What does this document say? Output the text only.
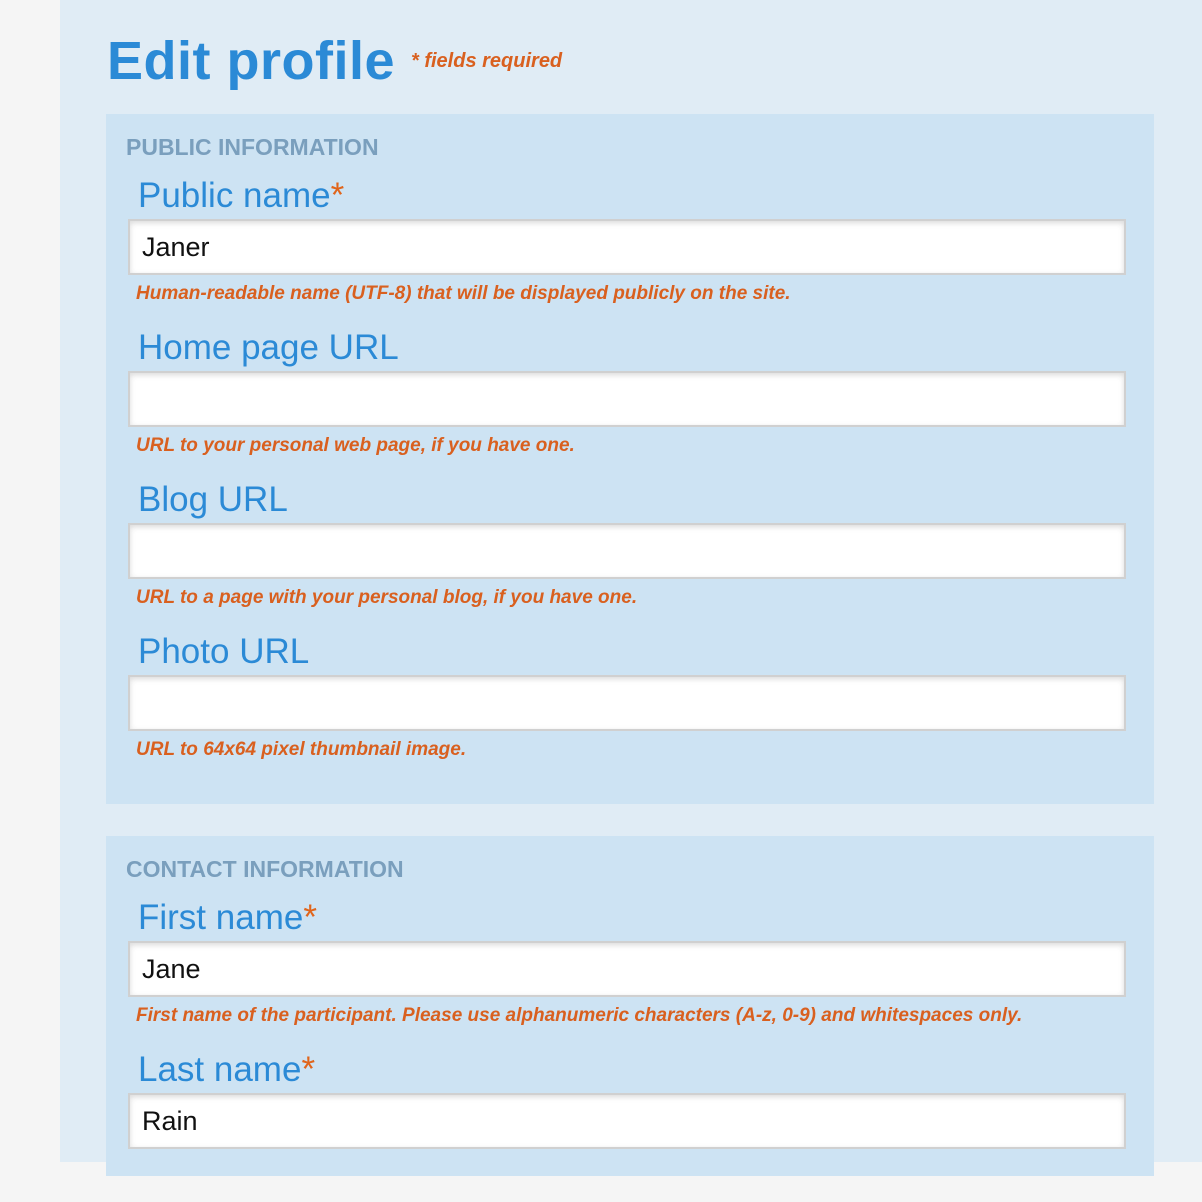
Edit profile * fields required
PUBLIC INFORMATION
Public name*
Janer
Human-readable name (UTF-8) that will be displayed publicly on the site.
Home page URL
URL to your personal web page, if you have one.
Blog URL
URL to a page with your personal blog, if you have one.
Photo URL
URL to 64x64 pixel thumbnail image.
CONTACT INFORMATION
First name*
Jane
First name of the participant. Please use alphanumeric characters (A-z, 0-9) and whitespaces only.
Last name*
Rain
